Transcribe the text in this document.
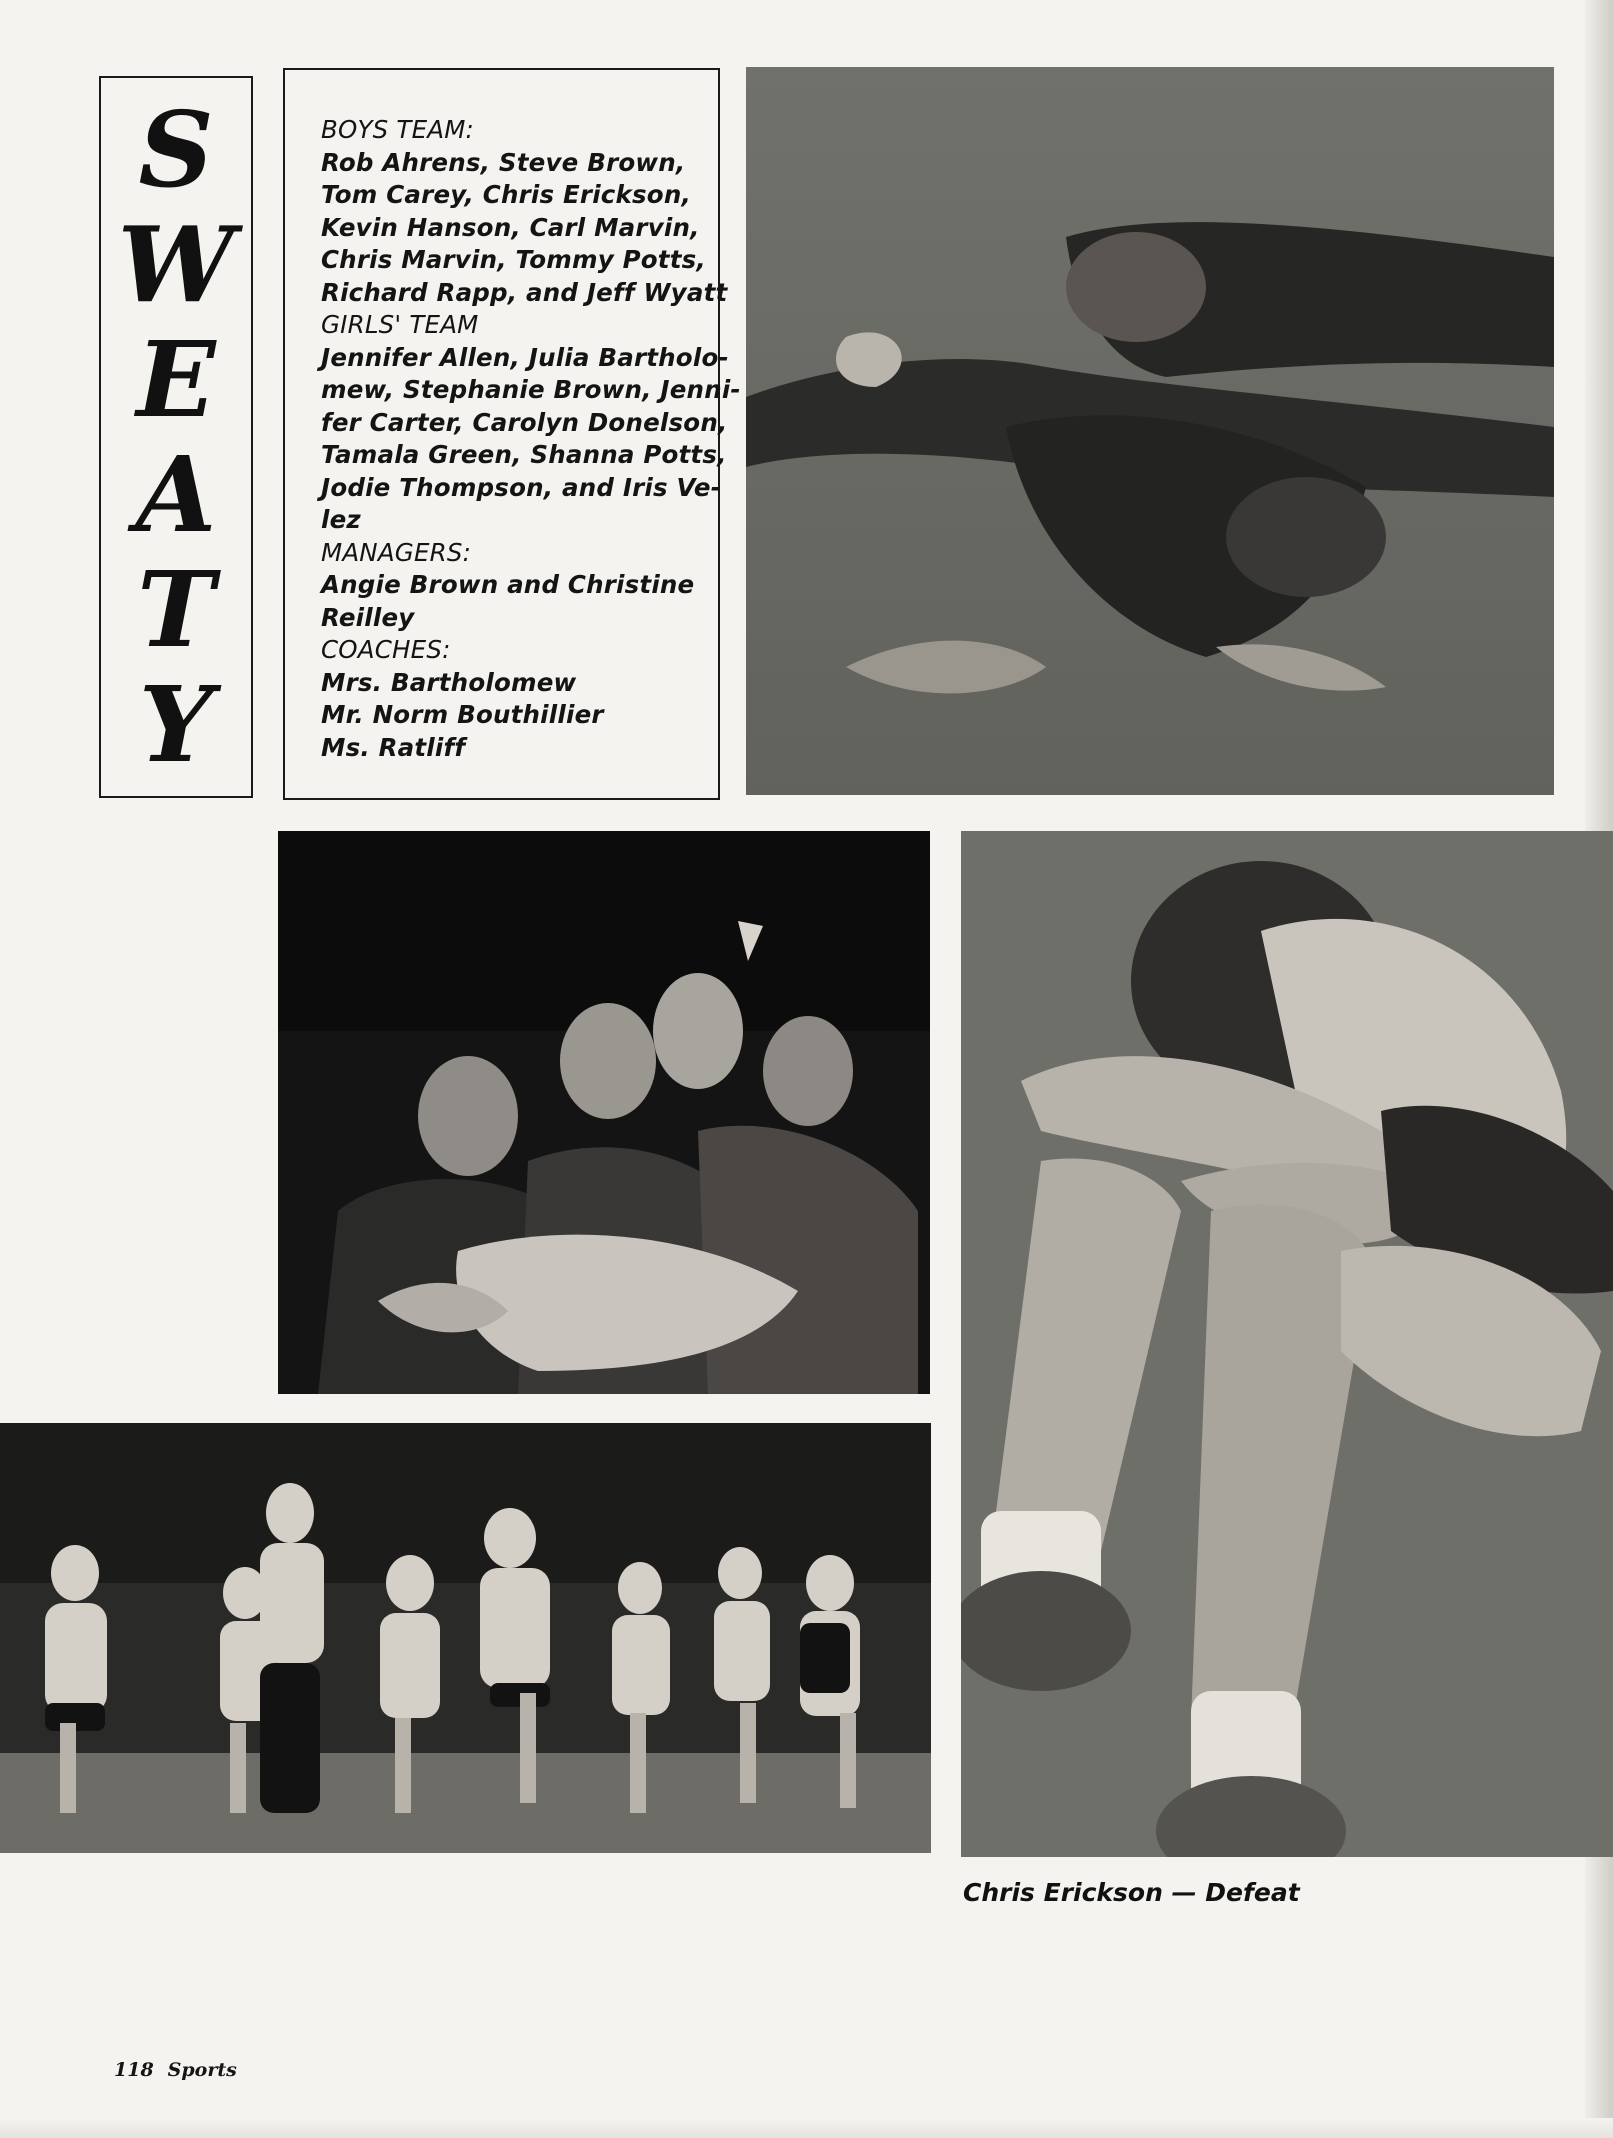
S
W
E
A
T
Y
BOYS TEAM:
Rob Ahrens, Steve Brown,
Tom Carey, Chris Erickson,
Kevin Hanson, Carl Marvin,
Chris Marvin, Tommy Potts,
Richard Rapp, and Jeff Wyatt
GIRLS' TEAM
Jennifer Allen, Julia Bartholo-
mew, Stephanie Brown, Jenni-
fer Carter, Carolyn Donelson,
Tamala Green, Shanna Potts,
Jodie Thompson, and Iris Ve-
lez
MANAGERS:
Angie Brown and Christine
Reilley
COACHES:
Mrs. Bartholomew
Mr. Norm Bouthillier
Ms. Ratliff
Chris Erickson — Defeat
118 Sports
